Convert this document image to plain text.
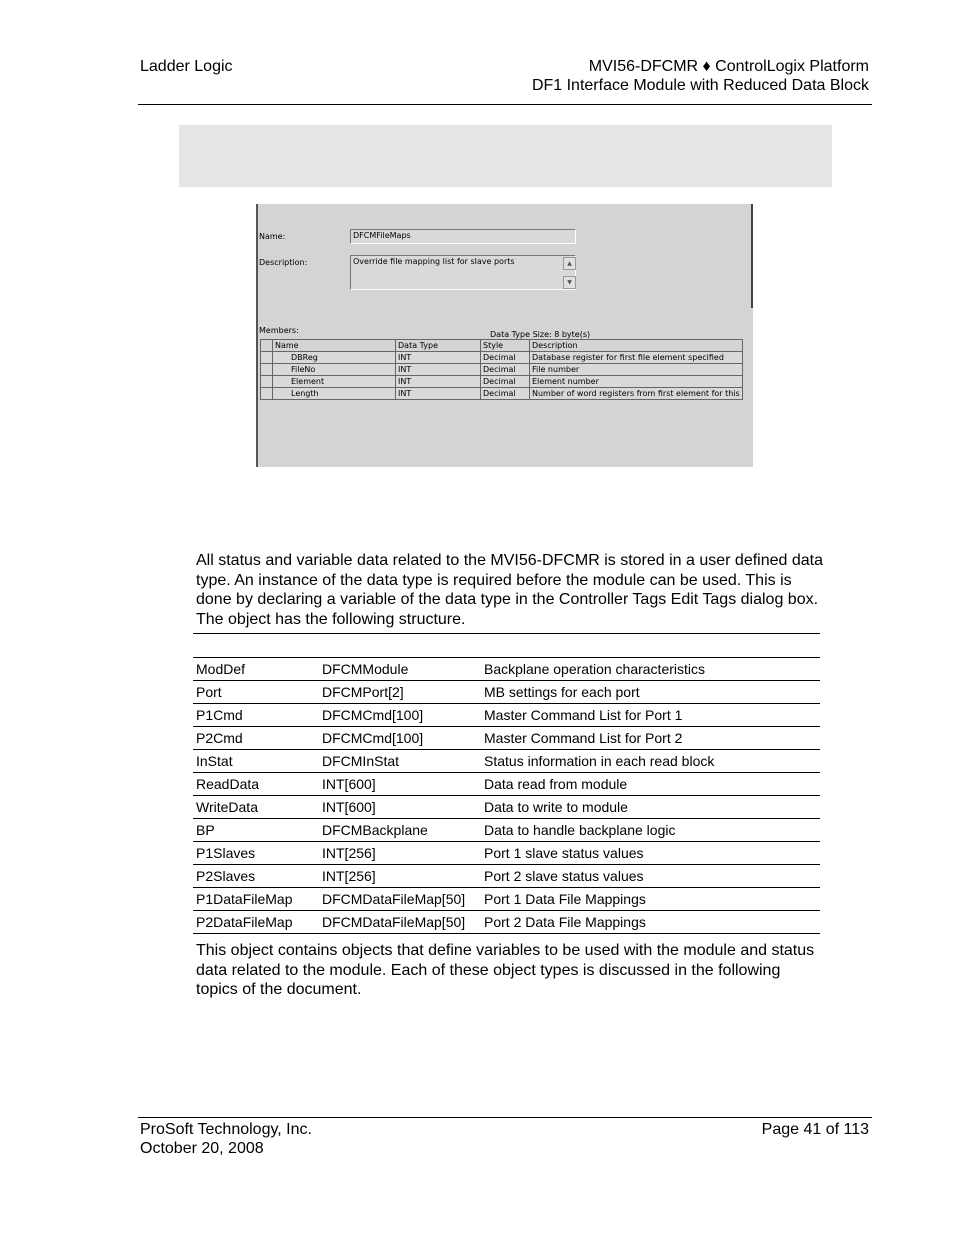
Ladder Logic	MVI56-DFCMR ♦ ControlLogix Platform
DF1 Interface Module with Reduced Data Block
Name:	DFCMFileMaps
Description:	Override file mapping list for slave ports	▲
▼
Members:	Data Type Size: 8 byte(s)
	Name	Data Type	Style	Description
	DBReg	INT	Decimal	Database register for first file element specified
	FileNo	INT	Decimal	File number
	Element	INT	Decimal	Element number
	Length	INT	Decimal	Number of word registers from first element for this
All status and variable data related to the MVI56-DFCMR is stored in a user defined data type. An instance of the data type is required before the module can be used. This is done by declaring a variable of the data type in the Controller Tags Edit Tags dialog box. The object has the following structure.
ModDef	DFCMModule	Backplane operation characteristics
Port	DFCMPort[2]	MB settings for each port
P1Cmd	DFCMCmd[100]	Master Command List for Port 1
P2Cmd	DFCMCmd[100]	Master Command List for Port 2
InStat	DFCMInStat	Status information in each read block
ReadData	INT[600]	Data read from module
WriteData	INT[600]	Data to write to module
BP	DFCMBackplane	Data to handle backplane logic
P1Slaves	INT[256]	Port 1 slave status values
P2Slaves	INT[256]	Port 2 slave status values
P1DataFileMap	DFCMDataFileMap[50]	Port 1 Data File Mappings
P2DataFileMap	DFCMDataFileMap[50]	Port 2 Data File Mappings
This object contains objects that define variables to be used with the module and status data related to the module. Each of these object types is discussed in the following topics of the document.
ProSoft Technology, Inc.
October 20, 2008
Page 41 of 113
